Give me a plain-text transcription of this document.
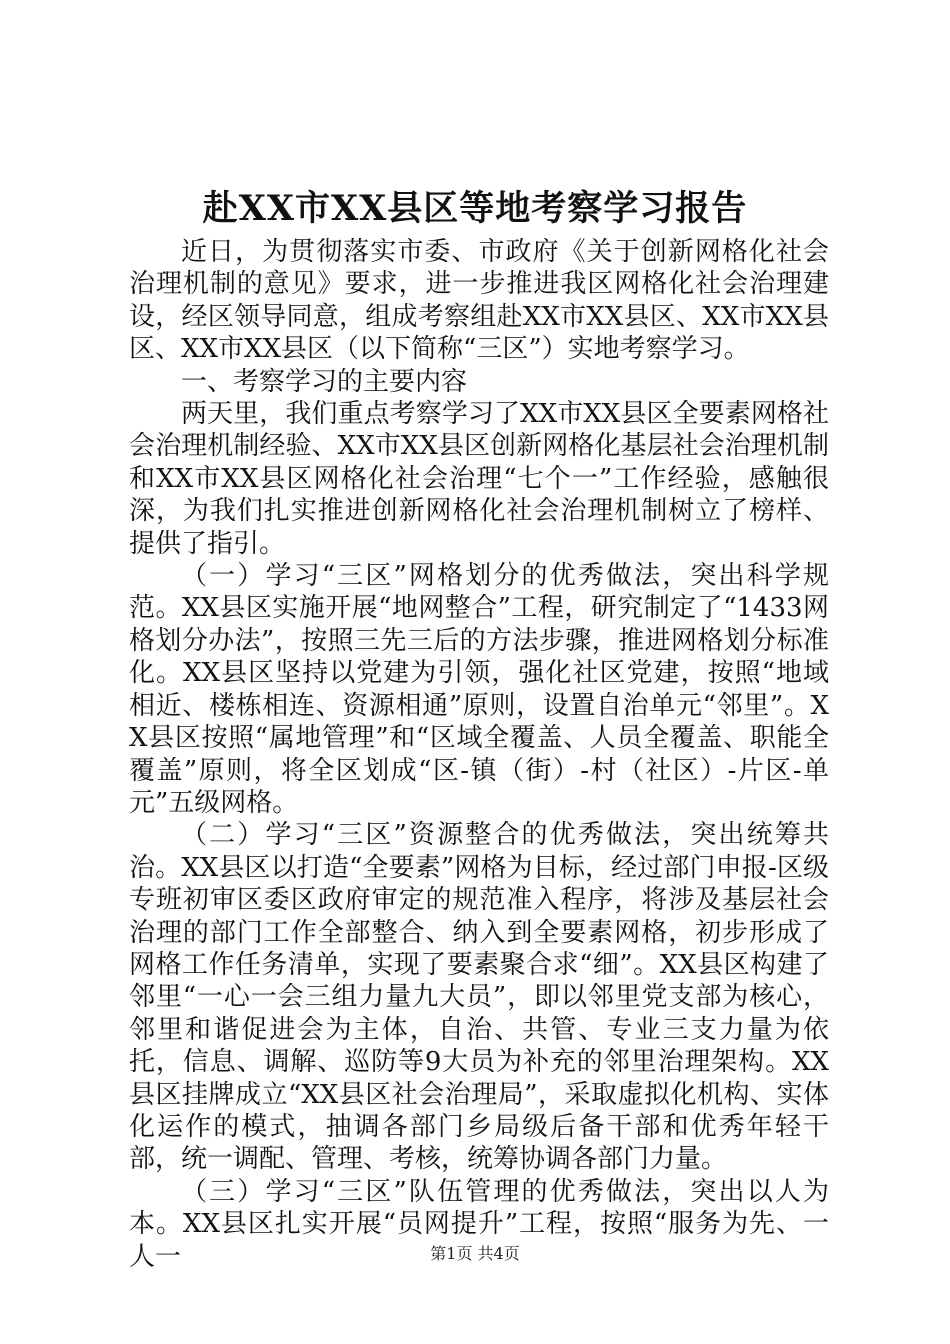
赴XX市XX县区等地考察学习报告

近日，为贯彻落实市委、市政府《关于创新网格化社会治理机制的意见》要求，进一步推进我区网格化社会治理建设，经区领导同意，组成考察组赴XX市XX县区、XX市XX县区、XX市XX县区（以下简称“三区”）实地考察学习。

一、考察学习的主要内容

两天里，我们重点考察学习了XX市XX县区全要素网格社会治理机制经验、XX市XX县区创新网格化基层社会治理机制和XX市XX县区网格化社会治理“七个一”工作经验，感触很深，为我们扎实推进创新网格化社会治理机制树立了榜样、提供了指引。

（一）学习“三区”网格划分的优秀做法，突出科学规范。XX县区实施开展“地网整合”工程，研究制定了“1433网格划分办法”，按照三先三后的方法步骤，推进网格划分标准化。XX县区坚持以党建为引领，强化社区党建，按照“地域相近、楼栋相连、资源相通”原则，设置自治单元“邻里”。XX县区按照“属地管理”和“区域全覆盖、人员全覆盖、职能全覆盖”原则，将全区划成“区-镇（街）-村（社区）-片区-单元”五级网格。

（二）学习“三区”资源整合的优秀做法，突出统筹共治。XX县区以打造“全要素”网格为目标，经过部门申报-区级专班初审区委区政府审定的规范准入程序，将涉及基层社会治理的部门工作全部整合、纳入到全要素网格，初步形成了网格工作任务清单，实现了要素聚合求“细”。XX县区构建了邻里“一心一会三组力量九大员”，即以邻里党支部为核心，邻里和谐促进会为主体，自治、共管、专业三支力量为依托，信息、调解、巡防等9大员为补充的邻里治理架构。XX县区挂牌成立“XX县区社会治理局”，采取虚拟化机构、实体化运作的模式，抽调各部门乡局级后备干部和优秀年轻干部，统一调配、管理、考核，统筹协调各部门力量。

（三）学习“三区”队伍管理的优秀做法，突出以人为本。XX县区扎实开展“员网提升”工程，按照“服务为先、一人一	第1页 共4页
